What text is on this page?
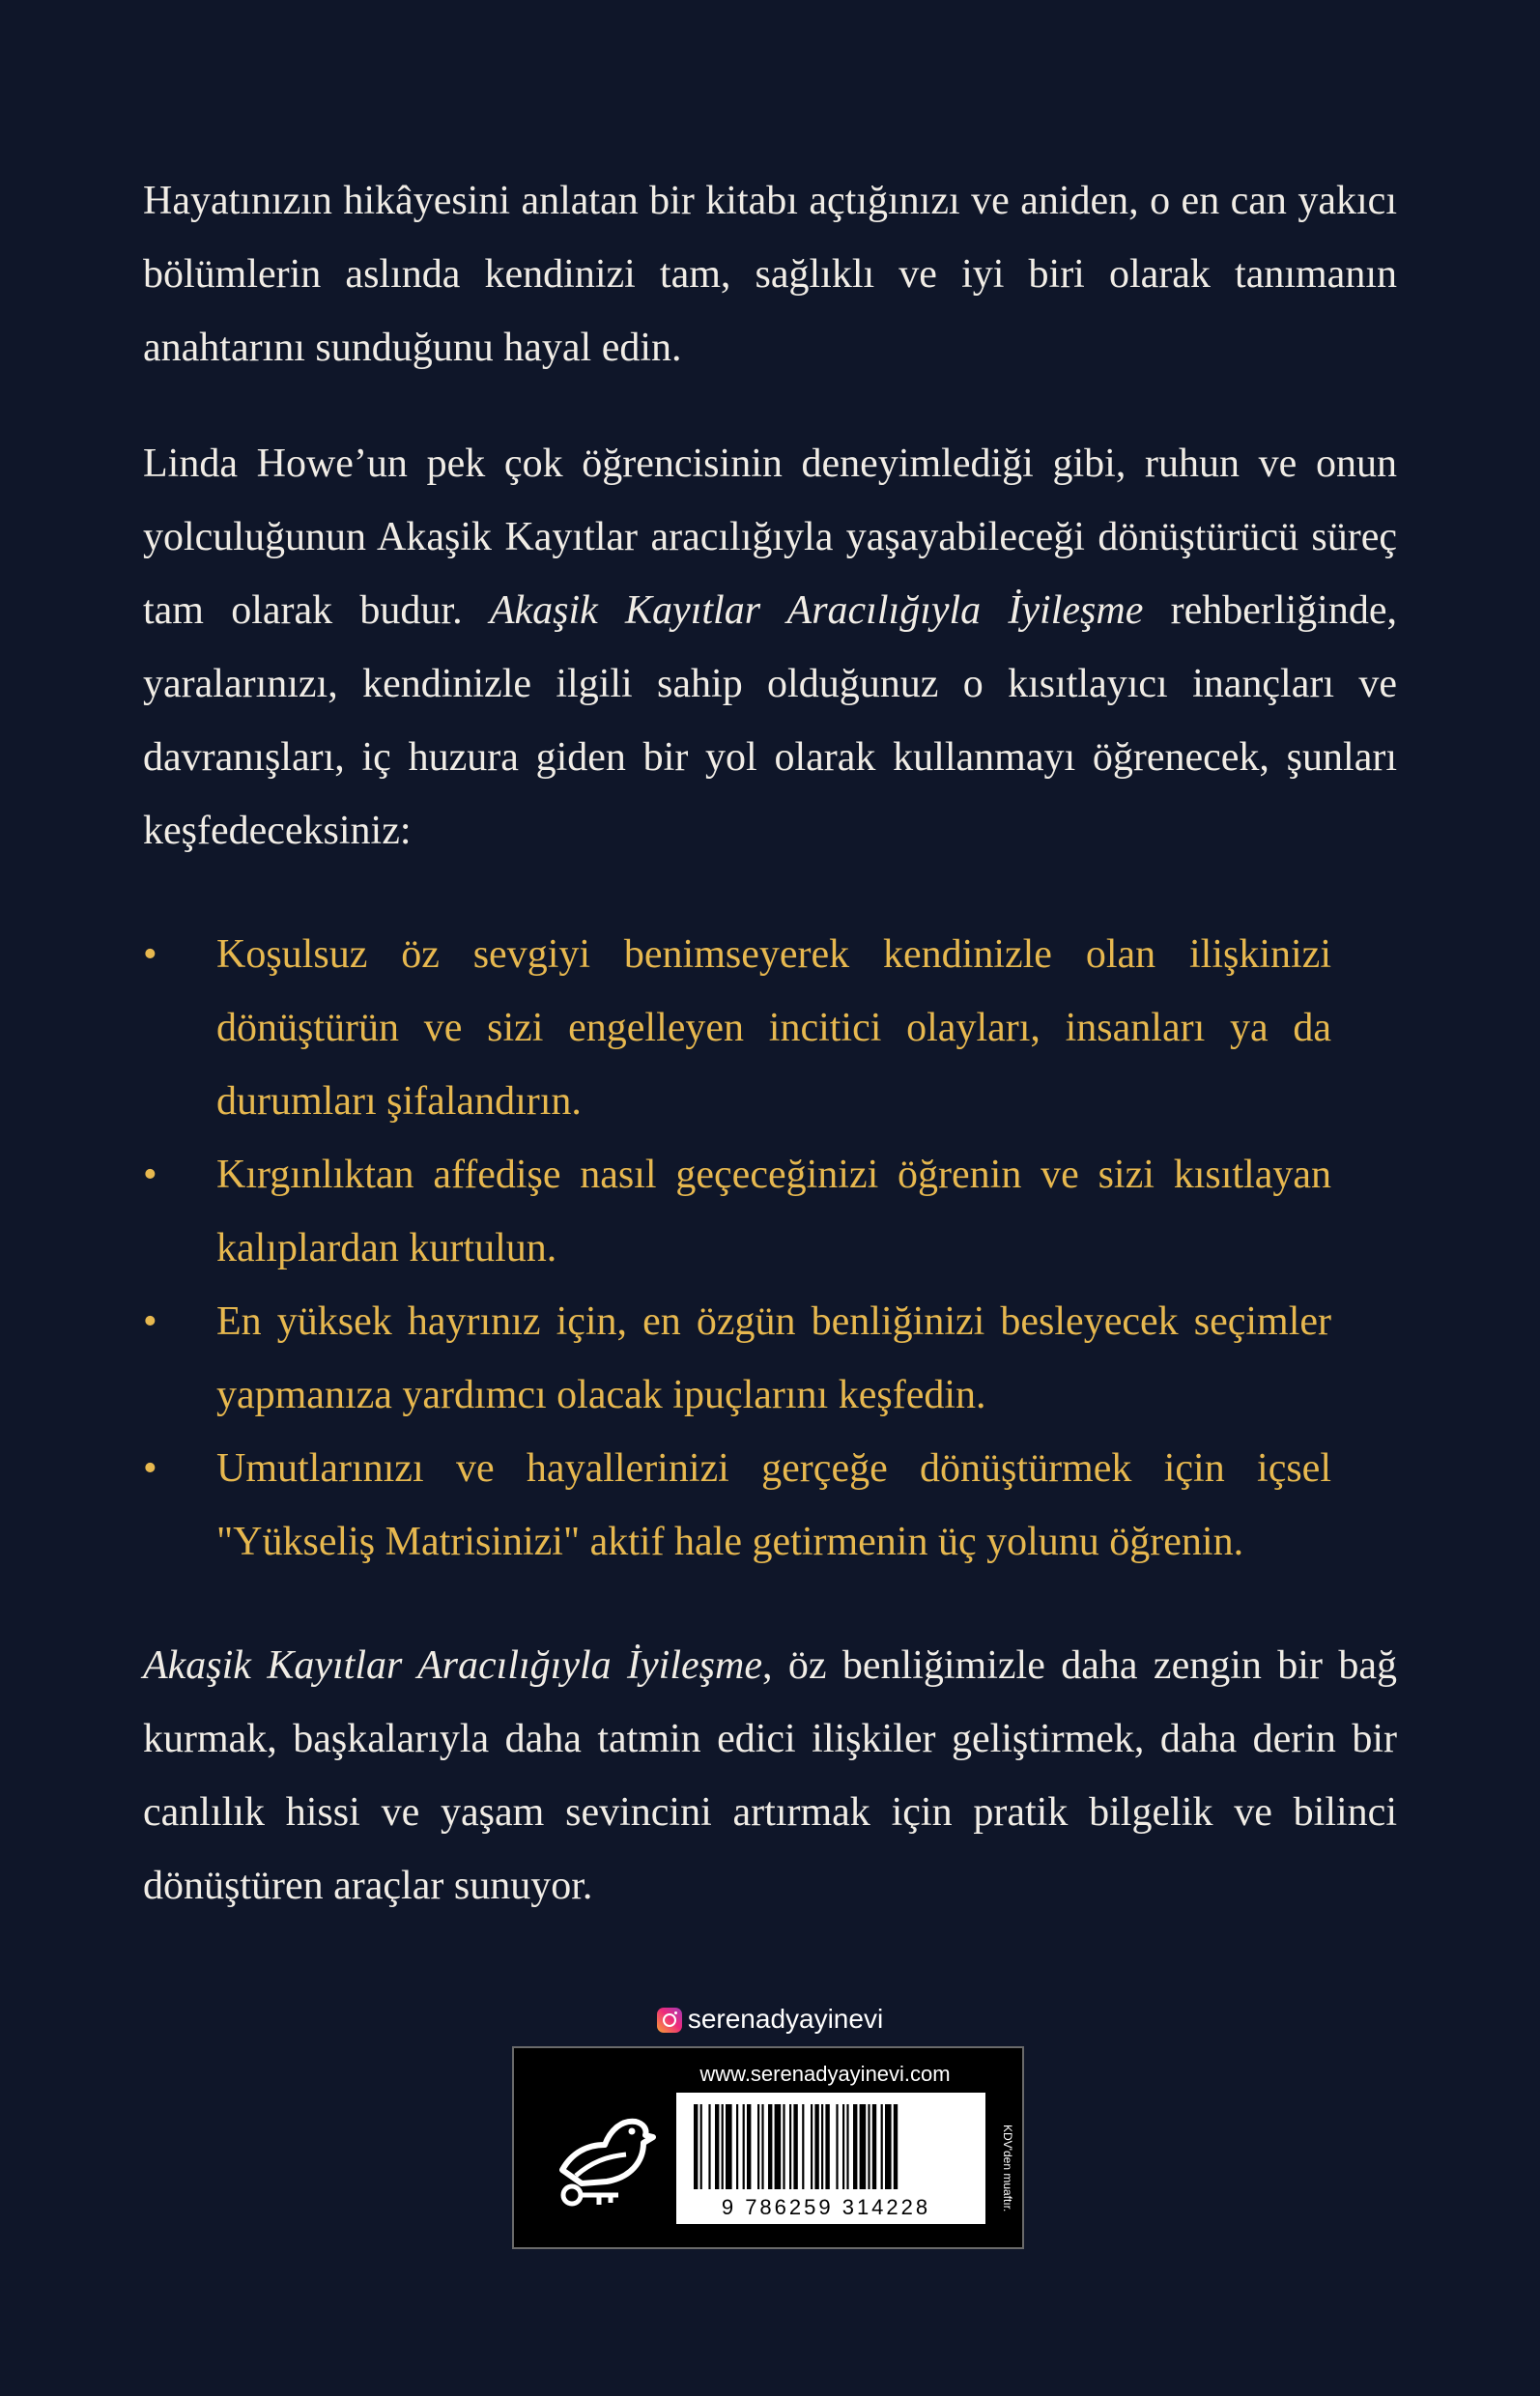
Hayatınızın hikâyesini anlatan bir kitabı açtığınızı ve aniden, o en can yakıcı bölümlerin aslında kendinizi tam, sağlıklı ve iyi biri olarak tanımanın anahtarını sunduğunu hayal edin.

Linda Howe’un pek çok öğrencisinin deneyimlediği gibi, ruhun ve onun yolculuğunun Akaşik Kayıtlar aracılığıyla yaşayabileceği dönüştürücü süreç tam olarak budur. Akaşik Kayıtlar Aracılığıyla İyileşme rehberliğinde, yaralarınızı, kendinizle ilgili sahip olduğunuz o kısıtlayıcı inançları ve davranışları, iç huzura giden bir yol olarak kullanmayı öğrenecek, şunları keşfedeceksiniz:

• Koşulsuz öz sevgiyi benimseyerek kendinizle olan ilişkinizi dönüştürün ve sizi engelleyen incitici olayları, insanları ya da durumları şifalandırın.
• Kırgınlıktan affedişe nasıl geçeceğinizi öğrenin ve sizi kısıtlayan kalıplardan kurtulun.
• En yüksek hayrınız için, en özgün benliğinizi besleyecek seçimler yapmanıza yardımcı olacak ipuçlarını keşfedin.
• Umutlarınızı ve hayallerinizi gerçeğe dönüştürmek için içsel "Yükseliş Matrisinizi" aktif hale getirmenin üç yolunu öğrenin.

Akaşik Kayıtlar Aracılığıyla İyileşme, öz benliğimizle daha zengin bir bağ kurmak, başkalarıyla daha tatmin edici ilişkiler geliştirmek, daha derin bir canlılık hissi ve yaşam sevincini artırmak için pratik bilgelik ve bilinci dönüştüren araçlar sunuyor.

serenadyayinevi
www.serenadyayinevi.com
9 786259 314228	KDV'den muaftır.
